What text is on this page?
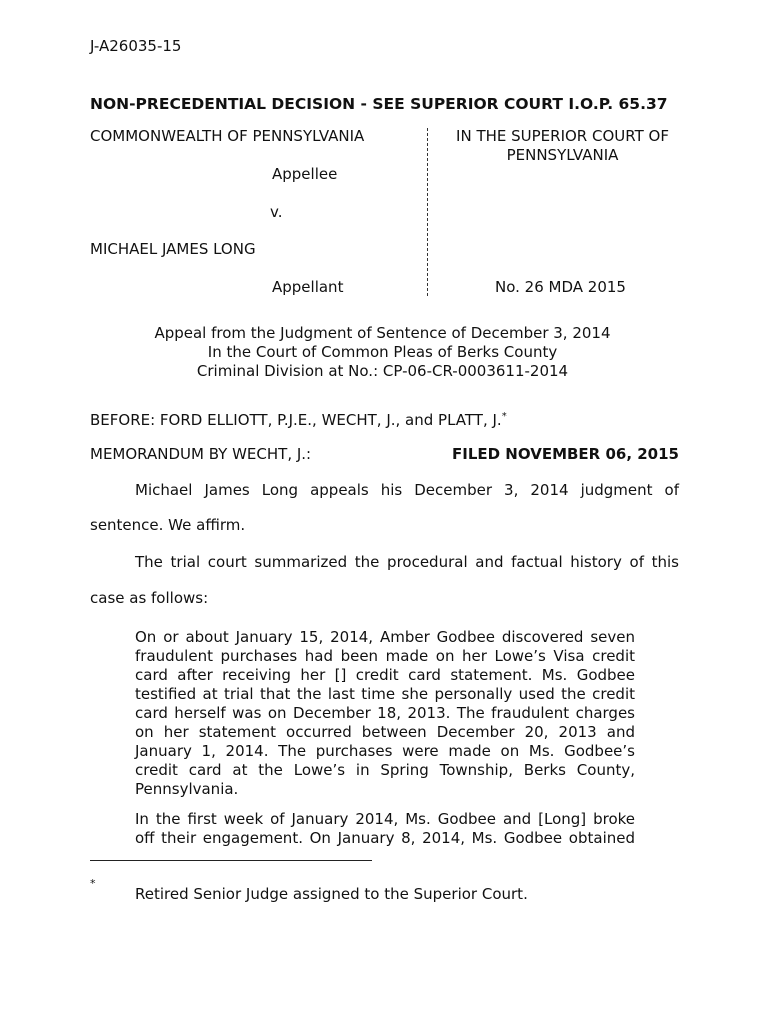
J-A26035-15
NON-PRECEDENTIAL DECISION - SEE SUPERIOR COURT I.O.P. 65.37
COMMONWEALTH OF PENNSYLVANIA
Appellee
v.
MICHAEL JAMES LONG
Appellant
IN THE SUPERIOR COURT OF
PENNSYLVANIA
No. 26 MDA 2015
Appeal from the Judgment of Sentence of December 3, 2014
In the Court of Common Pleas of Berks County
Criminal Division at No.: CP-06-CR-0003611-2014
BEFORE: FORD ELLIOTT, P.J.E., WECHT, J., and PLATT, J.*
MEMORANDUM BY WECHT, J.:	FILED NOVEMBER 06, 2015
Michael James Long appeals his December 3, 2014 judgment of
sentence. We affirm.
The trial court summarized the procedural and factual history of this
case as follows:
On or about January 15, 2014, Amber Godbee discovered seven
fraudulent purchases had been made on her Lowe’s Visa credit
card after receiving her [] credit card statement. Ms. Godbee
testified at trial that the last time she personally used the credit
card herself was on December 18, 2013. The fraudulent charges
on her statement occurred between December 20, 2013 and
January 1, 2014. The purchases were made on Ms. Godbee’s
credit card at the Lowe’s in Spring Township, Berks County,
Pennsylvania.
In the first week of January 2014, Ms. Godbee and [Long] broke
off their engagement. On January 8, 2014, Ms. Godbee obtained
*
Retired Senior Judge assigned to the Superior Court.
